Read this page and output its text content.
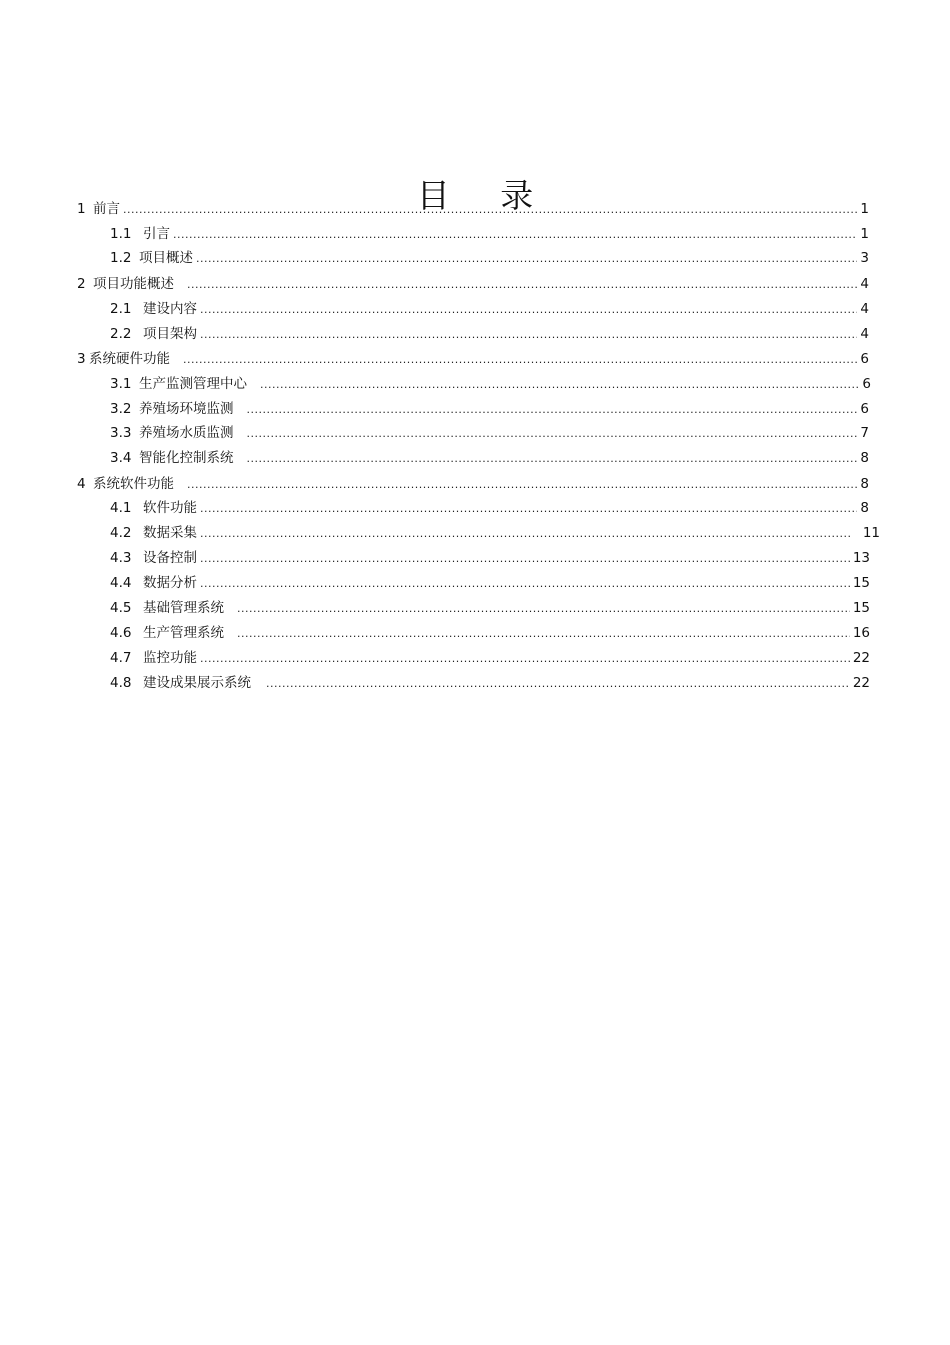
目 录
1 前言 .....	1
1.1 引言 .....	1
1.2 项目概述 .....	3
2 项目功能概述 .....	4
2.1 建设内容 .....	4
2.2 项目架构 .....	4
3 系统硬件功能 .....	6
3.1 生产监测管理中心 .....	6
3.2 养殖场环境监测 .....	6
3.3 养殖场水质监测 .....	7
3.4 智能化控制系统 .....	8
4 系统软件功能 .....	8
4.1 软件功能 .....	8
4.2 数据采集 .....	11
4.3 设备控制 .....	13
4.4 数据分析 .....	15
4.5 基础管理系统 .....	15
4.6 生产管理系统 .....	16
4.7 监控功能 .....	22
4.8 建设成果展示系统 .....	22
